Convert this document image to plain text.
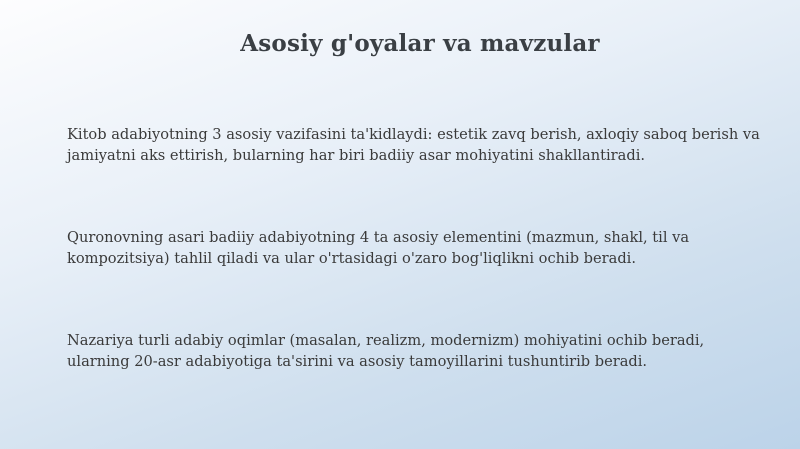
Asosiy g'oyalar va mavzular

Kitob adabiyotning 3 asosiy vazifasini ta'kidlaydi: estetik zavq berish, axloqiy saboq berish va jamiyatni aks ettirish, bularning har biri badiiy asar mohiyatini shakllantiradi.

Quronovning asari badiiy adabiyotning 4 ta asosiy elementini (mazmun, shakl, til va kompozitsiya) tahlil qiladi va ular o'rtasidagi o'zaro bog'liqlikni ochib beradi.

Nazariya turli adabiy oqimlar (masalan, realizm, modernizm) mohiyatini ochib beradi, ularning 20-asr adabiyotiga ta'sirini va asosiy tamoyillarini tushuntirib beradi.
